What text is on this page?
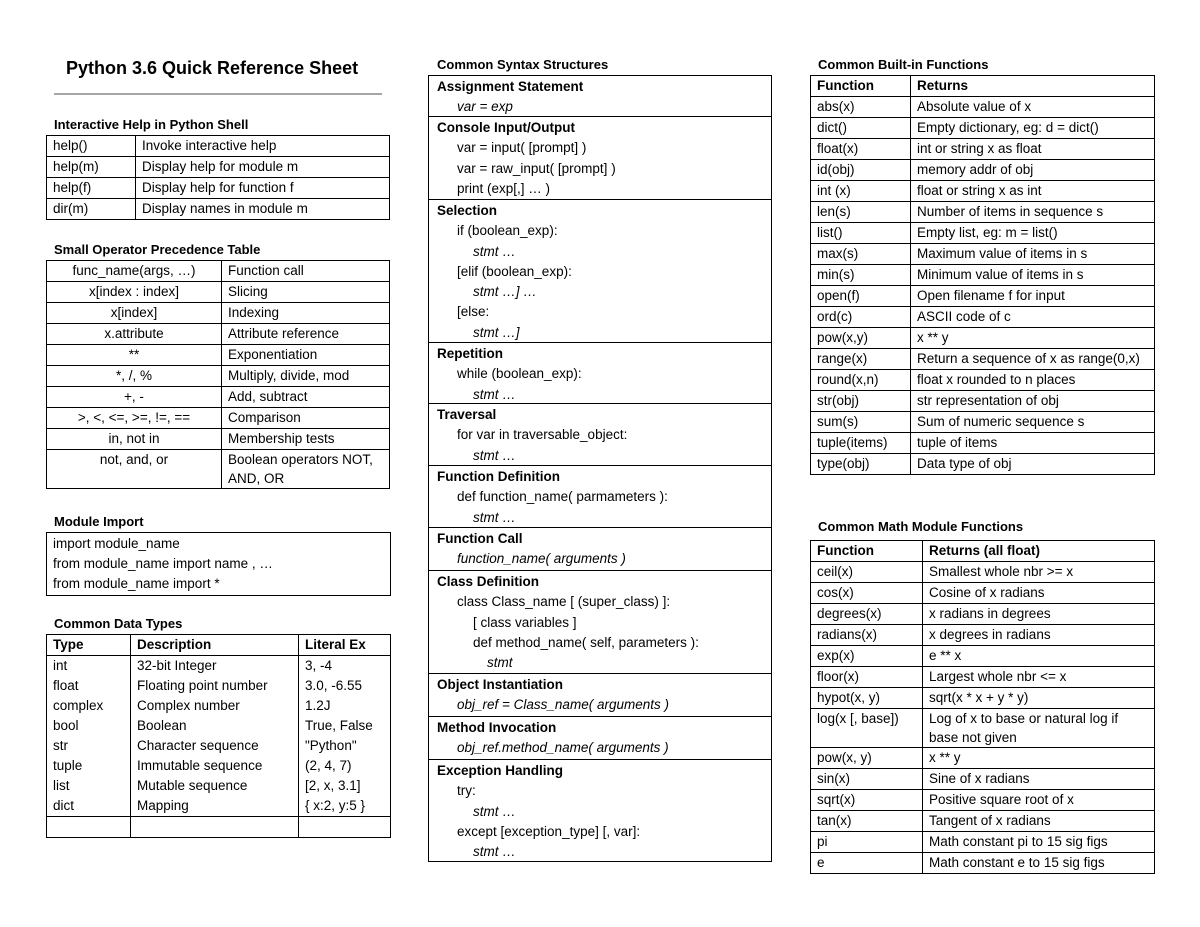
Python 3.6 Quick Reference Sheet
Interactive Help in Python Shell
help()	Invoke interactive help
help(m)	Display help for module m
help(f)	Display help for function f
dir(m)	Display names in module m
Small Operator Precedence Table
func_name(args, …)	Function call
x[index : index]	Slicing
x[index]	Indexing
x.attribute	Attribute reference
**	Exponentiation
*, /, %	Multiply, divide, mod
+, -	Add, subtract
>, <, <=, >=, !=, ==	Comparison
in, not in	Membership tests
not, and, or	Boolean operators NOT, AND, OR
Module Import
import module_name
from module_name import name , …
from module_name import *
Common Data Types
Type	Description	Literal Ex
int	32-bit Integer	3, -4
float	Floating point number	3.0, -6.55
complex	Complex number	1.2J
bool	Boolean	True, False
str	Character sequence	"Python"
tuple	Immutable sequence	(2, 4, 7)
list	Mutable sequence	[2, x, 3.1]
dict	Mapping	{ x:2, y:5 }

Common Syntax Structures
Assignment Statement
var = exp
Console Input/Output
var = input( [prompt] )
var = raw_input( [prompt] )
print (exp[,] … )
Selection
if (boolean_exp):
stmt …
[elif (boolean_exp):
stmt …] …
[else:
stmt …]
Repetition
while (boolean_exp):
stmt …
Traversal
for var in traversable_object:
stmt …
Function Definition
def function_name( parmameters ):
stmt …
Function Call
function_name( arguments )
Class Definition
class Class_name [ (super_class) ]:
[ class variables ]
def method_name( self, parameters ):
stmt
Object Instantiation
obj_ref = Class_name( arguments )
Method Invocation
obj_ref.method_name( arguments )
Exception Handling
try:
stmt …
except [exception_type] [, var]:
stmt …
Common Built-in Functions
Function	Returns
abs(x)	Absolute value of x
dict()	Empty dictionary, eg: d = dict()
float(x)	int or string x as float
id(obj)	memory addr of obj
int (x)	float or string x as int
len(s)	Number of items in sequence s
list()	Empty list, eg: m = list()
max(s)	Maximum value of items in s
min(s)	Minimum value of items in s
open(f)	Open filename f for input
ord(c)	ASCII code of c
pow(x,y)	x ** y
range(x)	Return a sequence of x as range(0,x)
round(x,n)	float x rounded to n places
str(obj)	str representation of obj
sum(s)	Sum of numeric sequence s
tuple(items)	tuple of items
type(obj)	Data type of obj
Common Math Module Functions
Function	Returns (all float)
ceil(x)	Smallest whole nbr >= x
cos(x)	Cosine of x radians
degrees(x)	x radians in degrees
radians(x)	x degrees in radians
exp(x)	e ** x
floor(x)	Largest whole nbr <= x
hypot(x, y)	sqrt(x * x + y * y)
log(x [, base])	Log of x to base or natural log if base not given
pow(x, y)	x ** y
sin(x)	Sine of x radians
sqrt(x)	Positive square root of x
tan(x)	Tangent of x radians
pi	Math constant pi to 15 sig figs
e	Math constant e to 15 sig figs
